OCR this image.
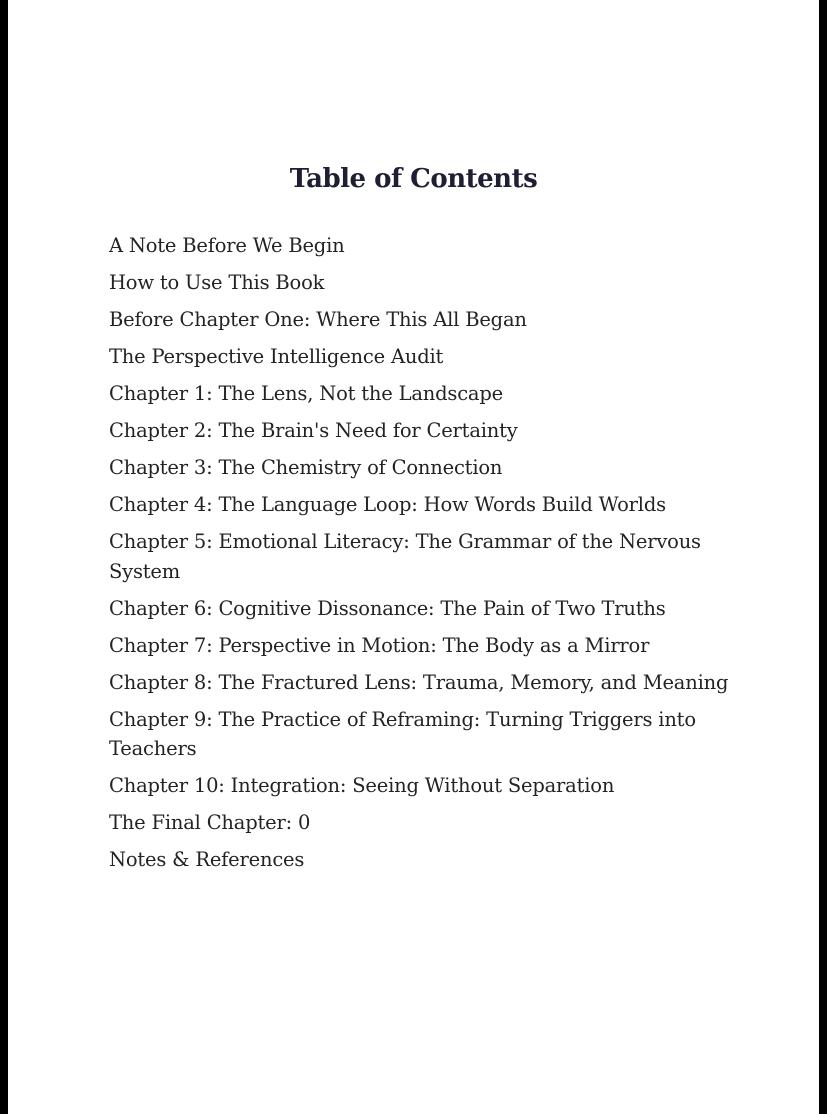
Table of Contents
A Note Before We Begin
How to Use This Book
Before Chapter One: Where This All Began
The Perspective Intelligence Audit
Chapter 1: The Lens, Not the Landscape
Chapter 2: The Brain's Need for Certainty
Chapter 3: The Chemistry of Connection
Chapter 4: The Language Loop: How Words Build Worlds
Chapter 5: Emotional Literacy: The Grammar of the Nervous System
Chapter 6: Cognitive Dissonance: The Pain of Two Truths
Chapter 7: Perspective in Motion: The Body as a Mirror
Chapter 8: The Fractured Lens: Trauma, Memory, and Meaning
Chapter 9: The Practice of Reframing: Turning Triggers into Teachers
Chapter 10: Integration: Seeing Without Separation
The Final Chapter: 0
Notes & References
